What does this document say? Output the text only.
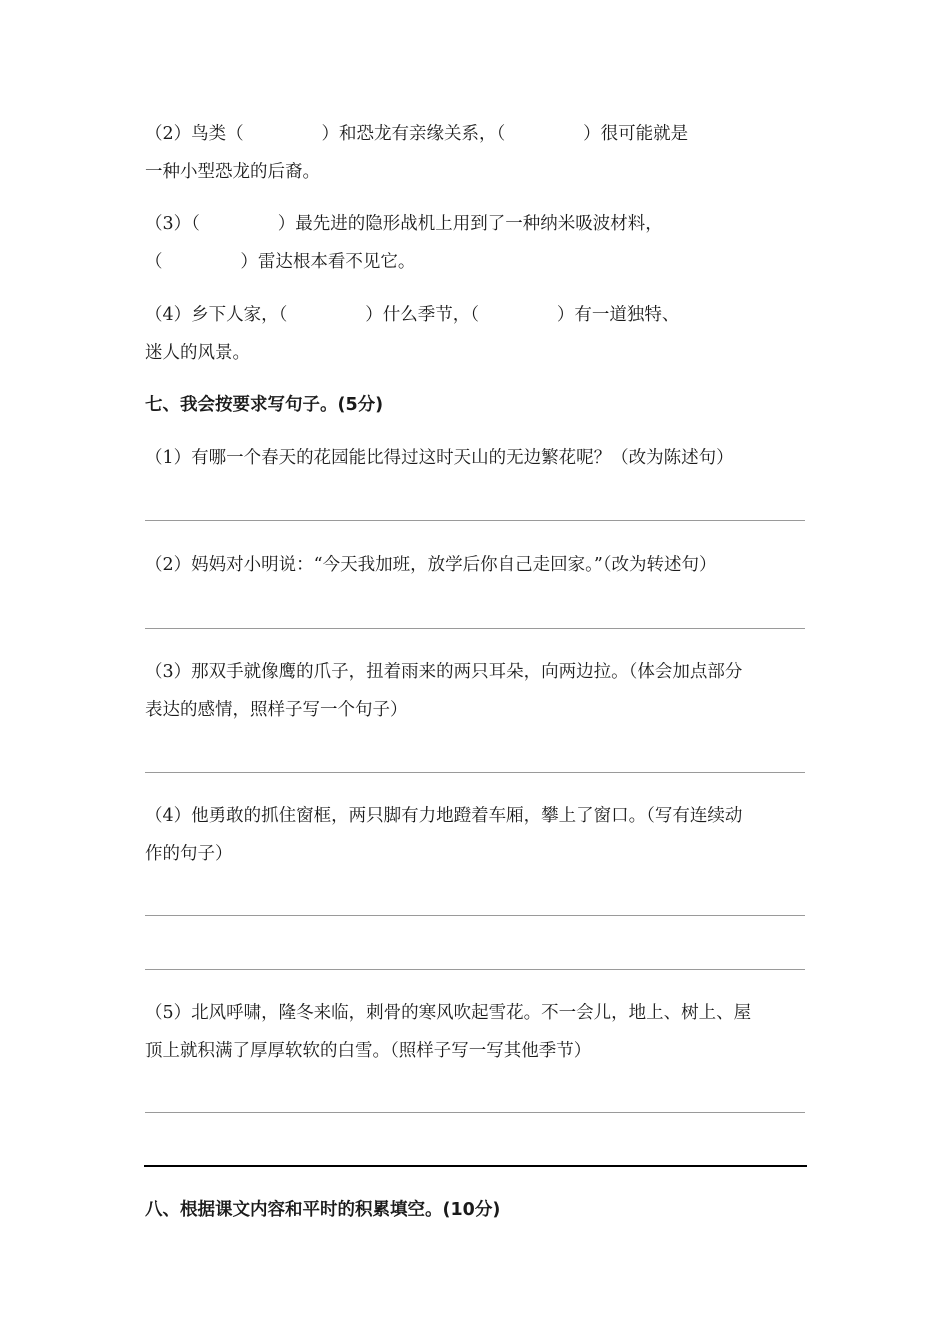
（2）鸟类（              ）和恐龙有亲缘关系，（              ）很可能就是
一种小型恐龙的后裔。
（3）（              ）最先进的隐形战机上用到了一种纳米吸波材料，
（              ）雷达根本看不见它。
（4）乡下人家，（              ）什么季节，（              ）有一道独特、
迷人的风景。
七、我会按要求写句子。(5分)
（1）有哪一个春天的花园能比得过这时天山的无边繁花呢？（改为陈述句）
（2）妈妈对小明说：“今天我加班，放学后你自己走回家。”（改为转述句）
（3）那双手就像鹰的爪子，扭着雨来的两只耳朵，向两边拉。（体会加点部分
表达的感情，照样子写一个句子）
（4）他勇敢的抓住窗框，两只脚有力地蹬着车厢，攀上了窗口。（写有连续动
作的句子）
（5）北风呼啸，隆冬来临，刺骨的寒风吹起雪花。不一会儿，地上、树上、屋
顶上就积满了厚厚软软的白雪。（照样子写一写其他季节）
八、根据课文内容和平时的积累填空。(10分)
